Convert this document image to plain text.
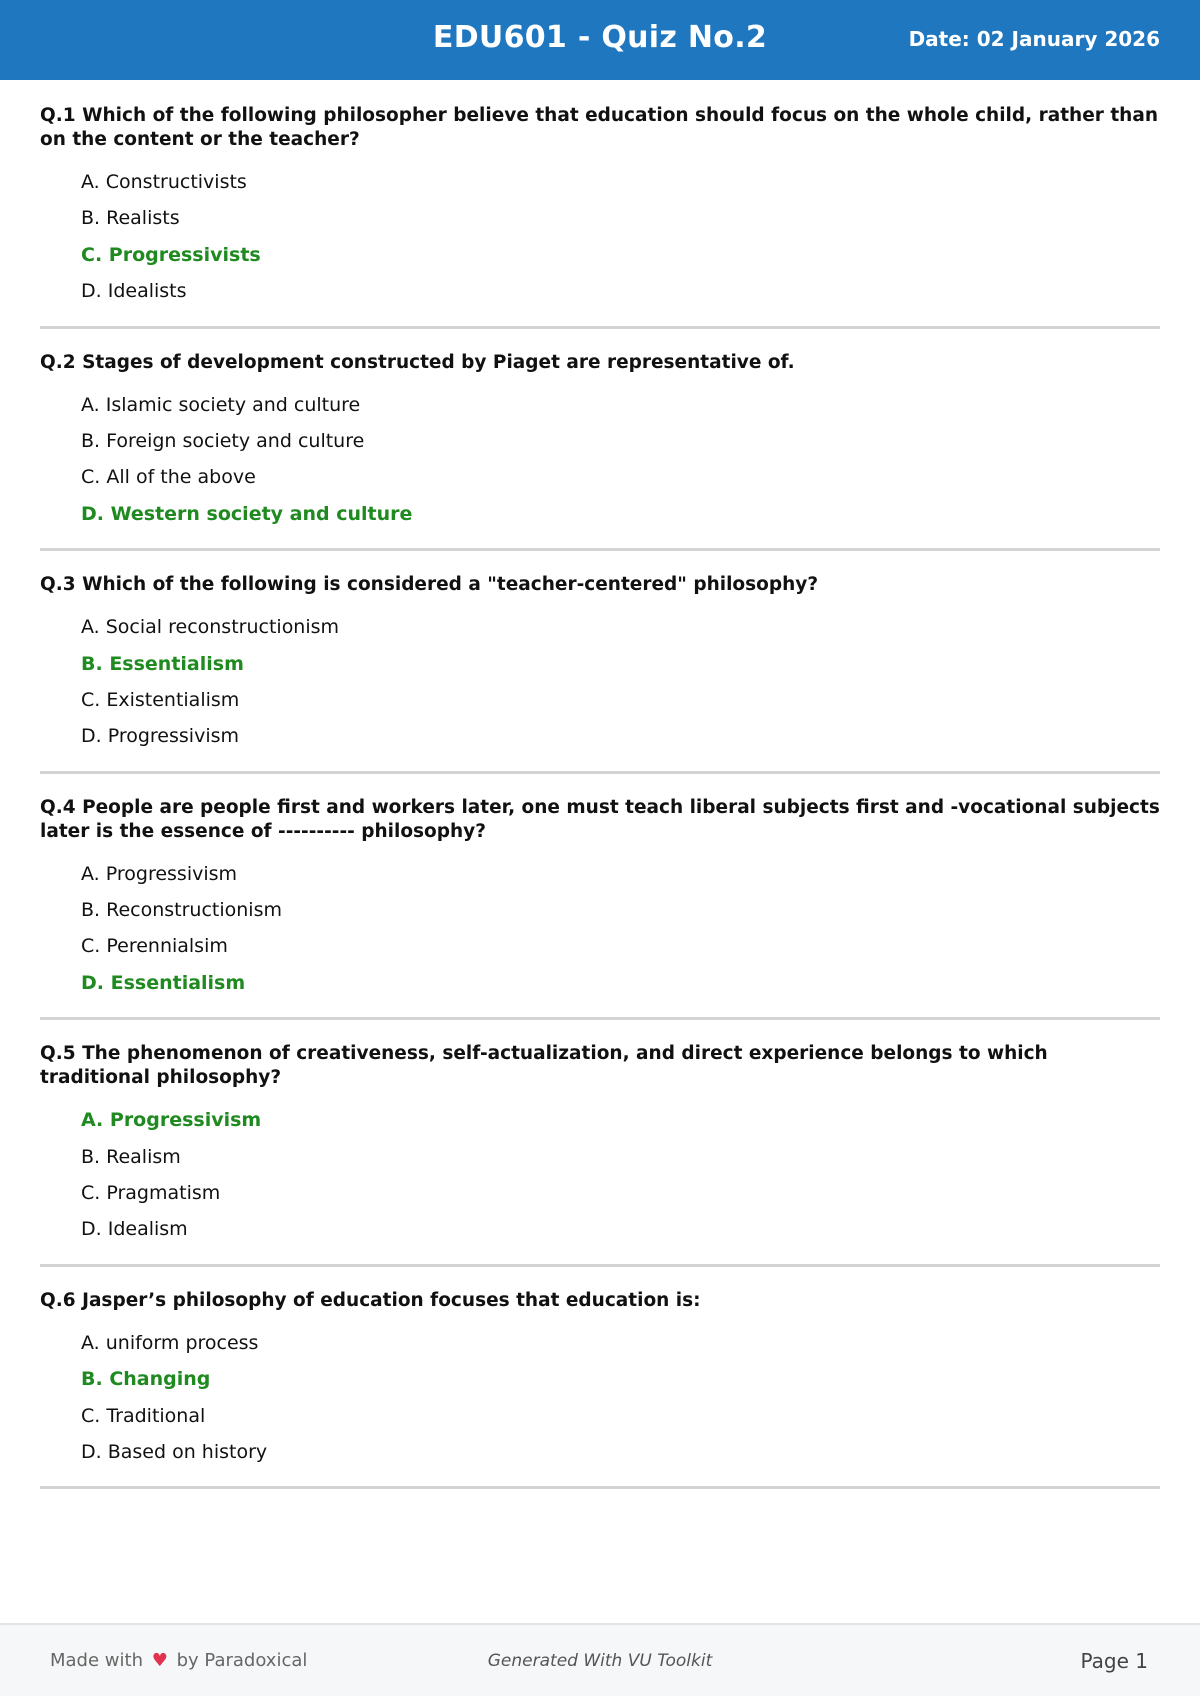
EDU601 - Quiz No.2	Date: 02 January 2026

Q.1 Which of the following philosopher believe that education should focus on the whole child, rather than on the content or the teacher?

A. Constructivists
B. Realists
C. Progressivists
D. Idealists

Q.2 Stages of development constructed by Piaget are representative of.

A. Islamic society and culture
B. Foreign society and culture
C. All of the above
D. Western society and culture

Q.3 Which of the following is considered a "teacher-centered" philosophy?

A. Social reconstructionism
B. Essentialism
C. Existentialism
D. Progressivism

Q.4 People are people first and workers later, one must teach liberal subjects first and -vocational subjects later is the essence of ---------- philosophy?

A. Progressivism
B. Reconstructionism
C. Perennialsim
D. Essentialism

Q.5 The phenomenon of creativeness, self-actualization, and direct experience belongs to which traditional philosophy?

A. Progressivism
B. Realism
C. Pragmatism
D. Idealism

Q.6 Jasper’s philosophy of education focuses that education is:

A. uniform process
B. Changing
C. Traditional
D. Based on history
Made with ♥ by Paradoxical	Generated With VU Toolkit	Page 1
